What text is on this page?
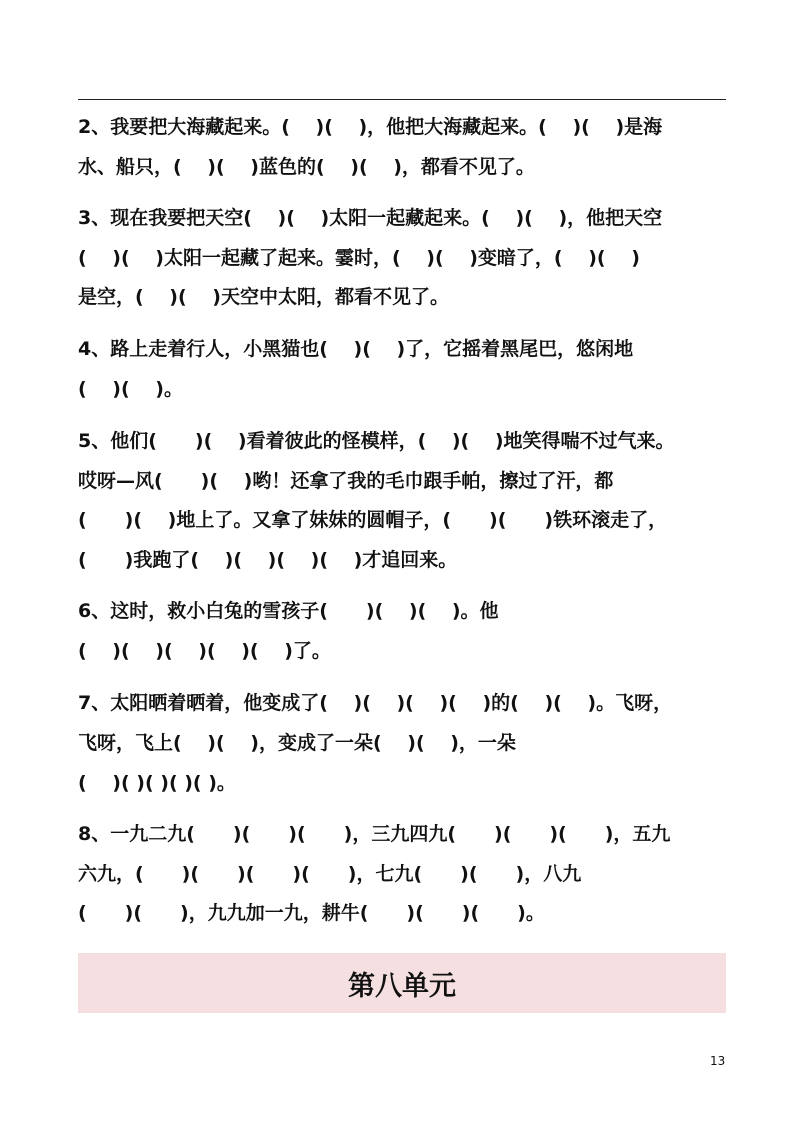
2、我要把大海藏起来。(　 )(　 )，他把大海藏起来。(　 )(　 )是海
水、船只，(　 )(　 )蓝色的(　 )(　 )，都看不见了。
3、现在我要把天空(　 )(　 )太阳一起藏起来。(　 )(　 )，他把天空
(　 )(　 )太阳一起藏了起来。霎时，(　 )(　 )变暗了，(　 )(　 )
是空，(　 )(　 )天空中太阳，都看不见了。
4、路上走着行人，小黑猫也(　 )(　 )了，它摇着黑尾巴，悠闲地
(　 )(　 )。
5、他们(　　)(　 )看着彼此的怪模样，(　 )(　 )地笑得喘不过气来。
哎呀—风(　　)(　 )哟！还拿了我的毛巾跟手帕，擦过了汗，都
(　　)(　 )地上了。又拿了妹妹的圆帽子，(　　)(　　)铁环滚走了，
(　　)我跑了(　 )(　 )(　 )(　 )才追回来。
6、这时，救小白兔的雪孩子(　　)(　 )(　 )。他
(　 )(　 )(　 )(　 )(　 )了。
7、太阳晒着晒着，他变成了(　 )(　 )(　 )(　 )的(　 )(　 )。飞呀，
飞呀，飞上(　 )(　 )，变成了一朵(　 )(　 )，一朵
(　 )( )( )( )( )。
8、一九二九(　　)(　　)(　　)，三九四九(　　)(　　)(　　)，五九
六九，(　　)(　　)(　　)(　　)，七九(　　)(　　)，八九
(　　)(　　)，九九加一九，耕牛(　　)(　　)(　　)。
第八单元
13
